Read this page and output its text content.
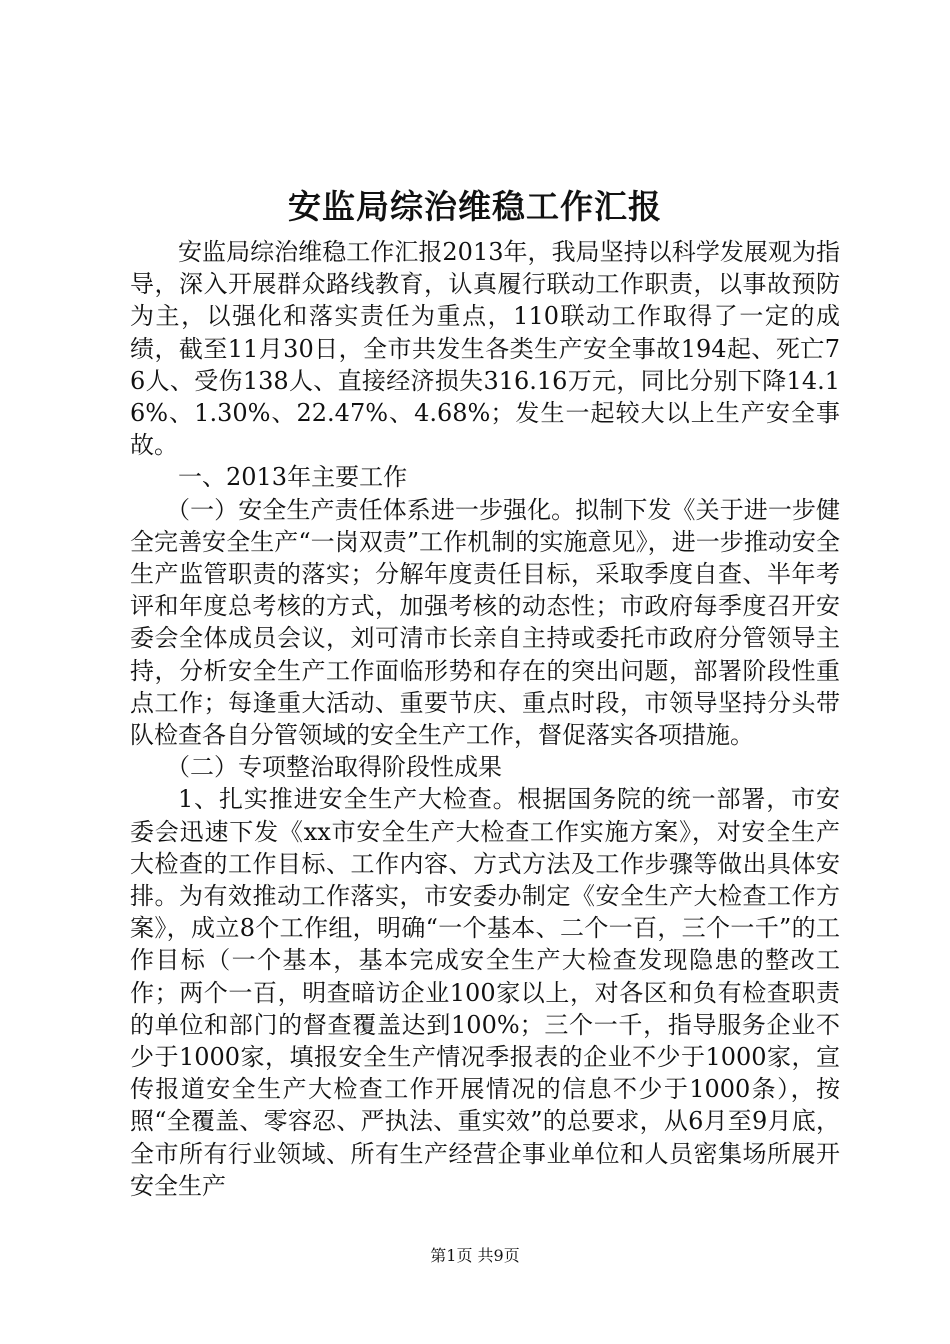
安监局综治维稳工作汇报

安监局综治维稳工作汇报2013年，我局坚持以科学发展观为指导，深入开展群众路线教育，认真履行联动工作职责，以事故预防为主，以强化和落实责任为重点，110联动工作取得了一定的成绩，截至11月30日，全市共发生各类生产安全事故194起、死亡76人、受伤138人、直接经济损失316.16万元，同比分别下降14.16%、1.30%、22.47%、4.68%；发生一起较大以上生产安全事故。

一、2013年主要工作

（一）安全生产责任体系进一步强化。拟制下发《关于进一步健全完善安全生产“一岗双责”工作机制的实施意见》，进一步推动安全生产监管职责的落实；分解年度责任目标，采取季度自查、半年考评和年度总考核的方式，加强考核的动态性；市政府每季度召开安委会全体成员会议，刘可清市长亲自主持或委托市政府分管领导主持，分析安全生产工作面临形势和存在的突出问题，部署阶段性重点工作；每逢重大活动、重要节庆、重点时段，市领导坚持分头带队检查各自分管领域的安全生产工作，督促落实各项措施。

（二）专项整治取得阶段性成果

1、扎实推进安全生产大检查。根据国务院的统一部署，市安委会迅速下发《xx市安全生产大检查工作实施方案》，对安全生产大检查的工作目标、工作内容、方式方法及工作步骤等做出具体安排。为有效推动工作落实，市安委办制定《安全生产大检查工作方案》，成立8个工作组，明确“一个基本、二个一百，三个一千”的工作目标（一个基本，基本完成安全生产大检查发现隐患的整改工作；两个一百，明查暗访企业100家以上，对各区和负有检查职责的单位和部门的督查覆盖达到100%；三个一千，指导服务企业不少于1000家，填报安全生产情况季报表的企业不少于1000家，宣传报道安全生产大检查工作开展情况的信息不少于1000条），按照“全覆盖、零容忍、严执法、重实效”的总要求，从6月至9月底，全市所有行业领域、所有生产经营企事业单位和人员密集场所展开安全生产

第1页 共9页
